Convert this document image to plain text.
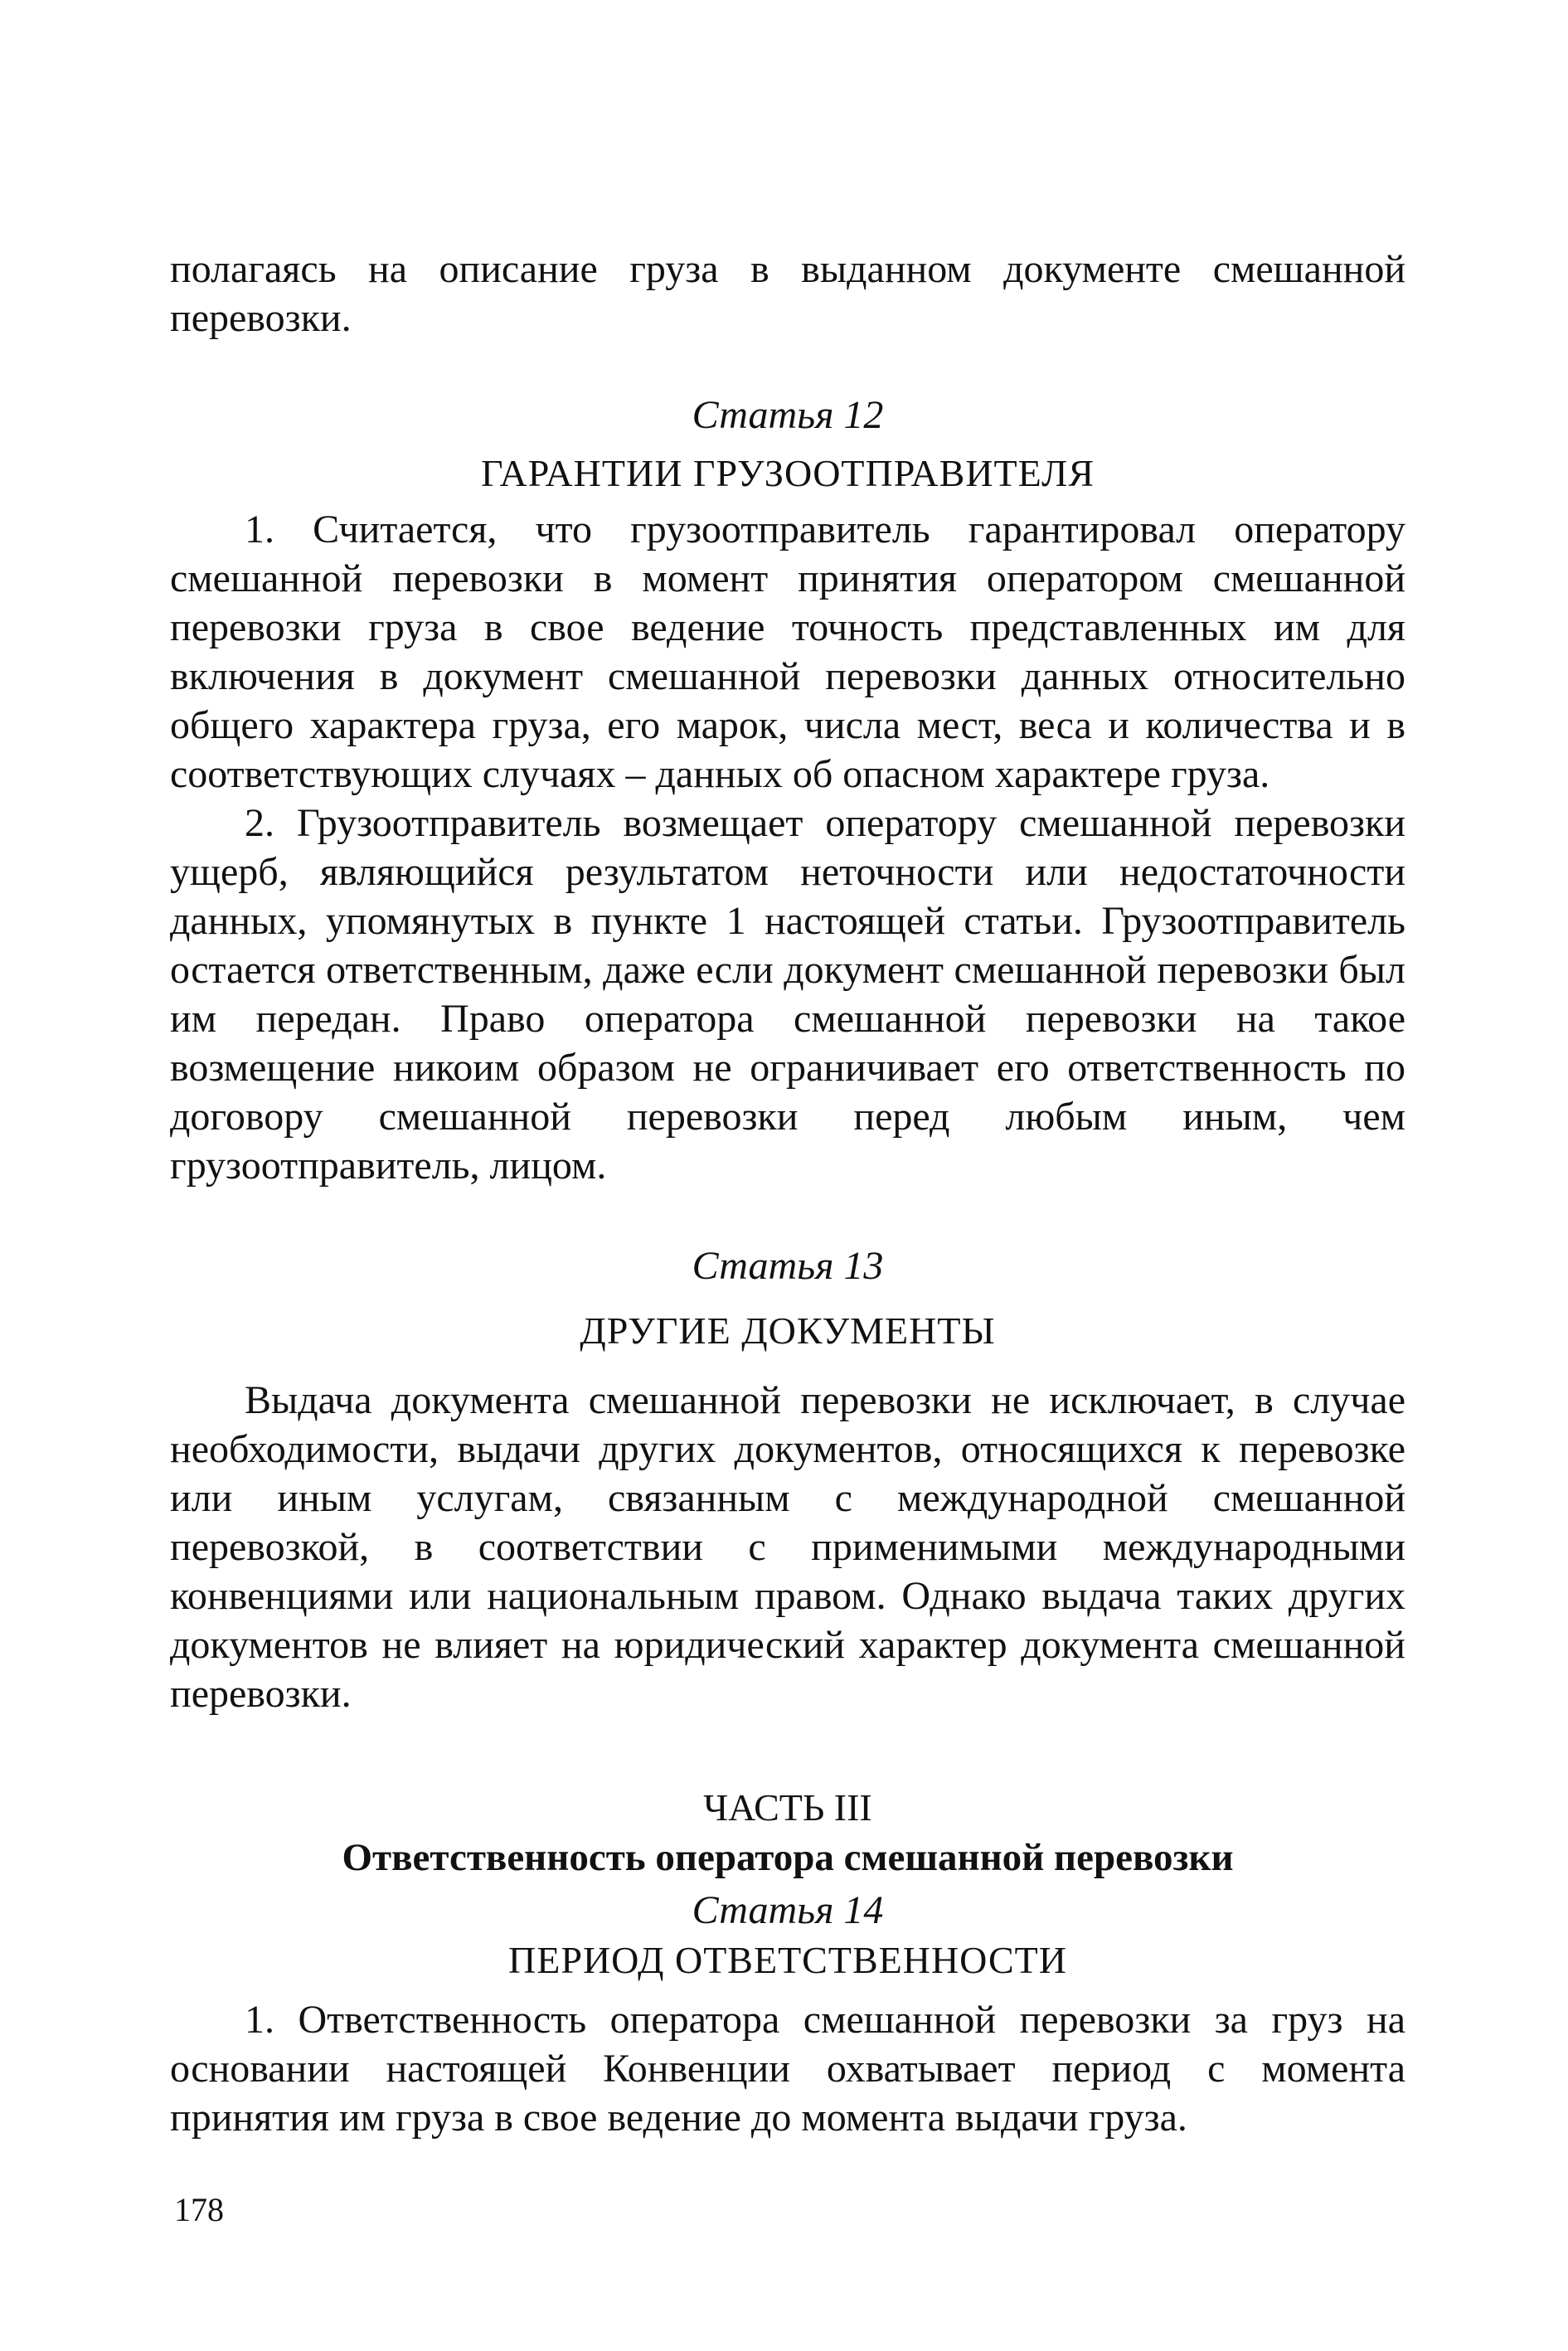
полагаясь на описание груза в выданном документе смешанной перевозки.

Статья 12

ГАРАНТИИ ГРУЗООТПРАВИТЕЛЯ

1. Считается, что грузоотправитель гарантировал оператору смешанной перевозки в момент принятия оператором смешанной перевозки груза в свое ведение точность представленных им для включения в документ смешанной перевозки данных относительно общего характера груза, его марок, числа мест, веса и количества и в соответствующих случаях – данных об опасном характере груза.

2. Грузоотправитель возмещает оператору смешанной перевозки ущерб, являющийся результатом неточности или недостаточности данных, упомянутых в пункте 1 настоящей статьи. Грузоотправитель остается ответственным, даже если документ смешанной перевозки был им передан. Право оператора смешанной перевозки на такое возмещение никоим образом не ограничивает его ответственность по договору смешанной перевозки перед любым иным, чем грузоотправитель, лицом.

Статья 13

ДРУГИЕ ДОКУМЕНТЫ

Выдача документа смешанной перевозки не исключает, в случае необходимости, выдачи других документов, относящихся к перевозке или иным услугам, связанным с международной смешанной перевозкой, в соответствии с применимыми международными конвенциями или национальным правом. Однако выдача таких других документов не влияет на юридический характер документа смешанной перевозки.

ЧАСТЬ III

Ответственность оператора смешанной перевозки

Статья 14

ПЕРИОД ОТВЕТСТВЕННОСТИ

1. Ответственность оператора смешанной перевозки за груз на основании настоящей Конвенции охватывает период с момента принятия им груза в свое ведение до момента выдачи груза.

178
